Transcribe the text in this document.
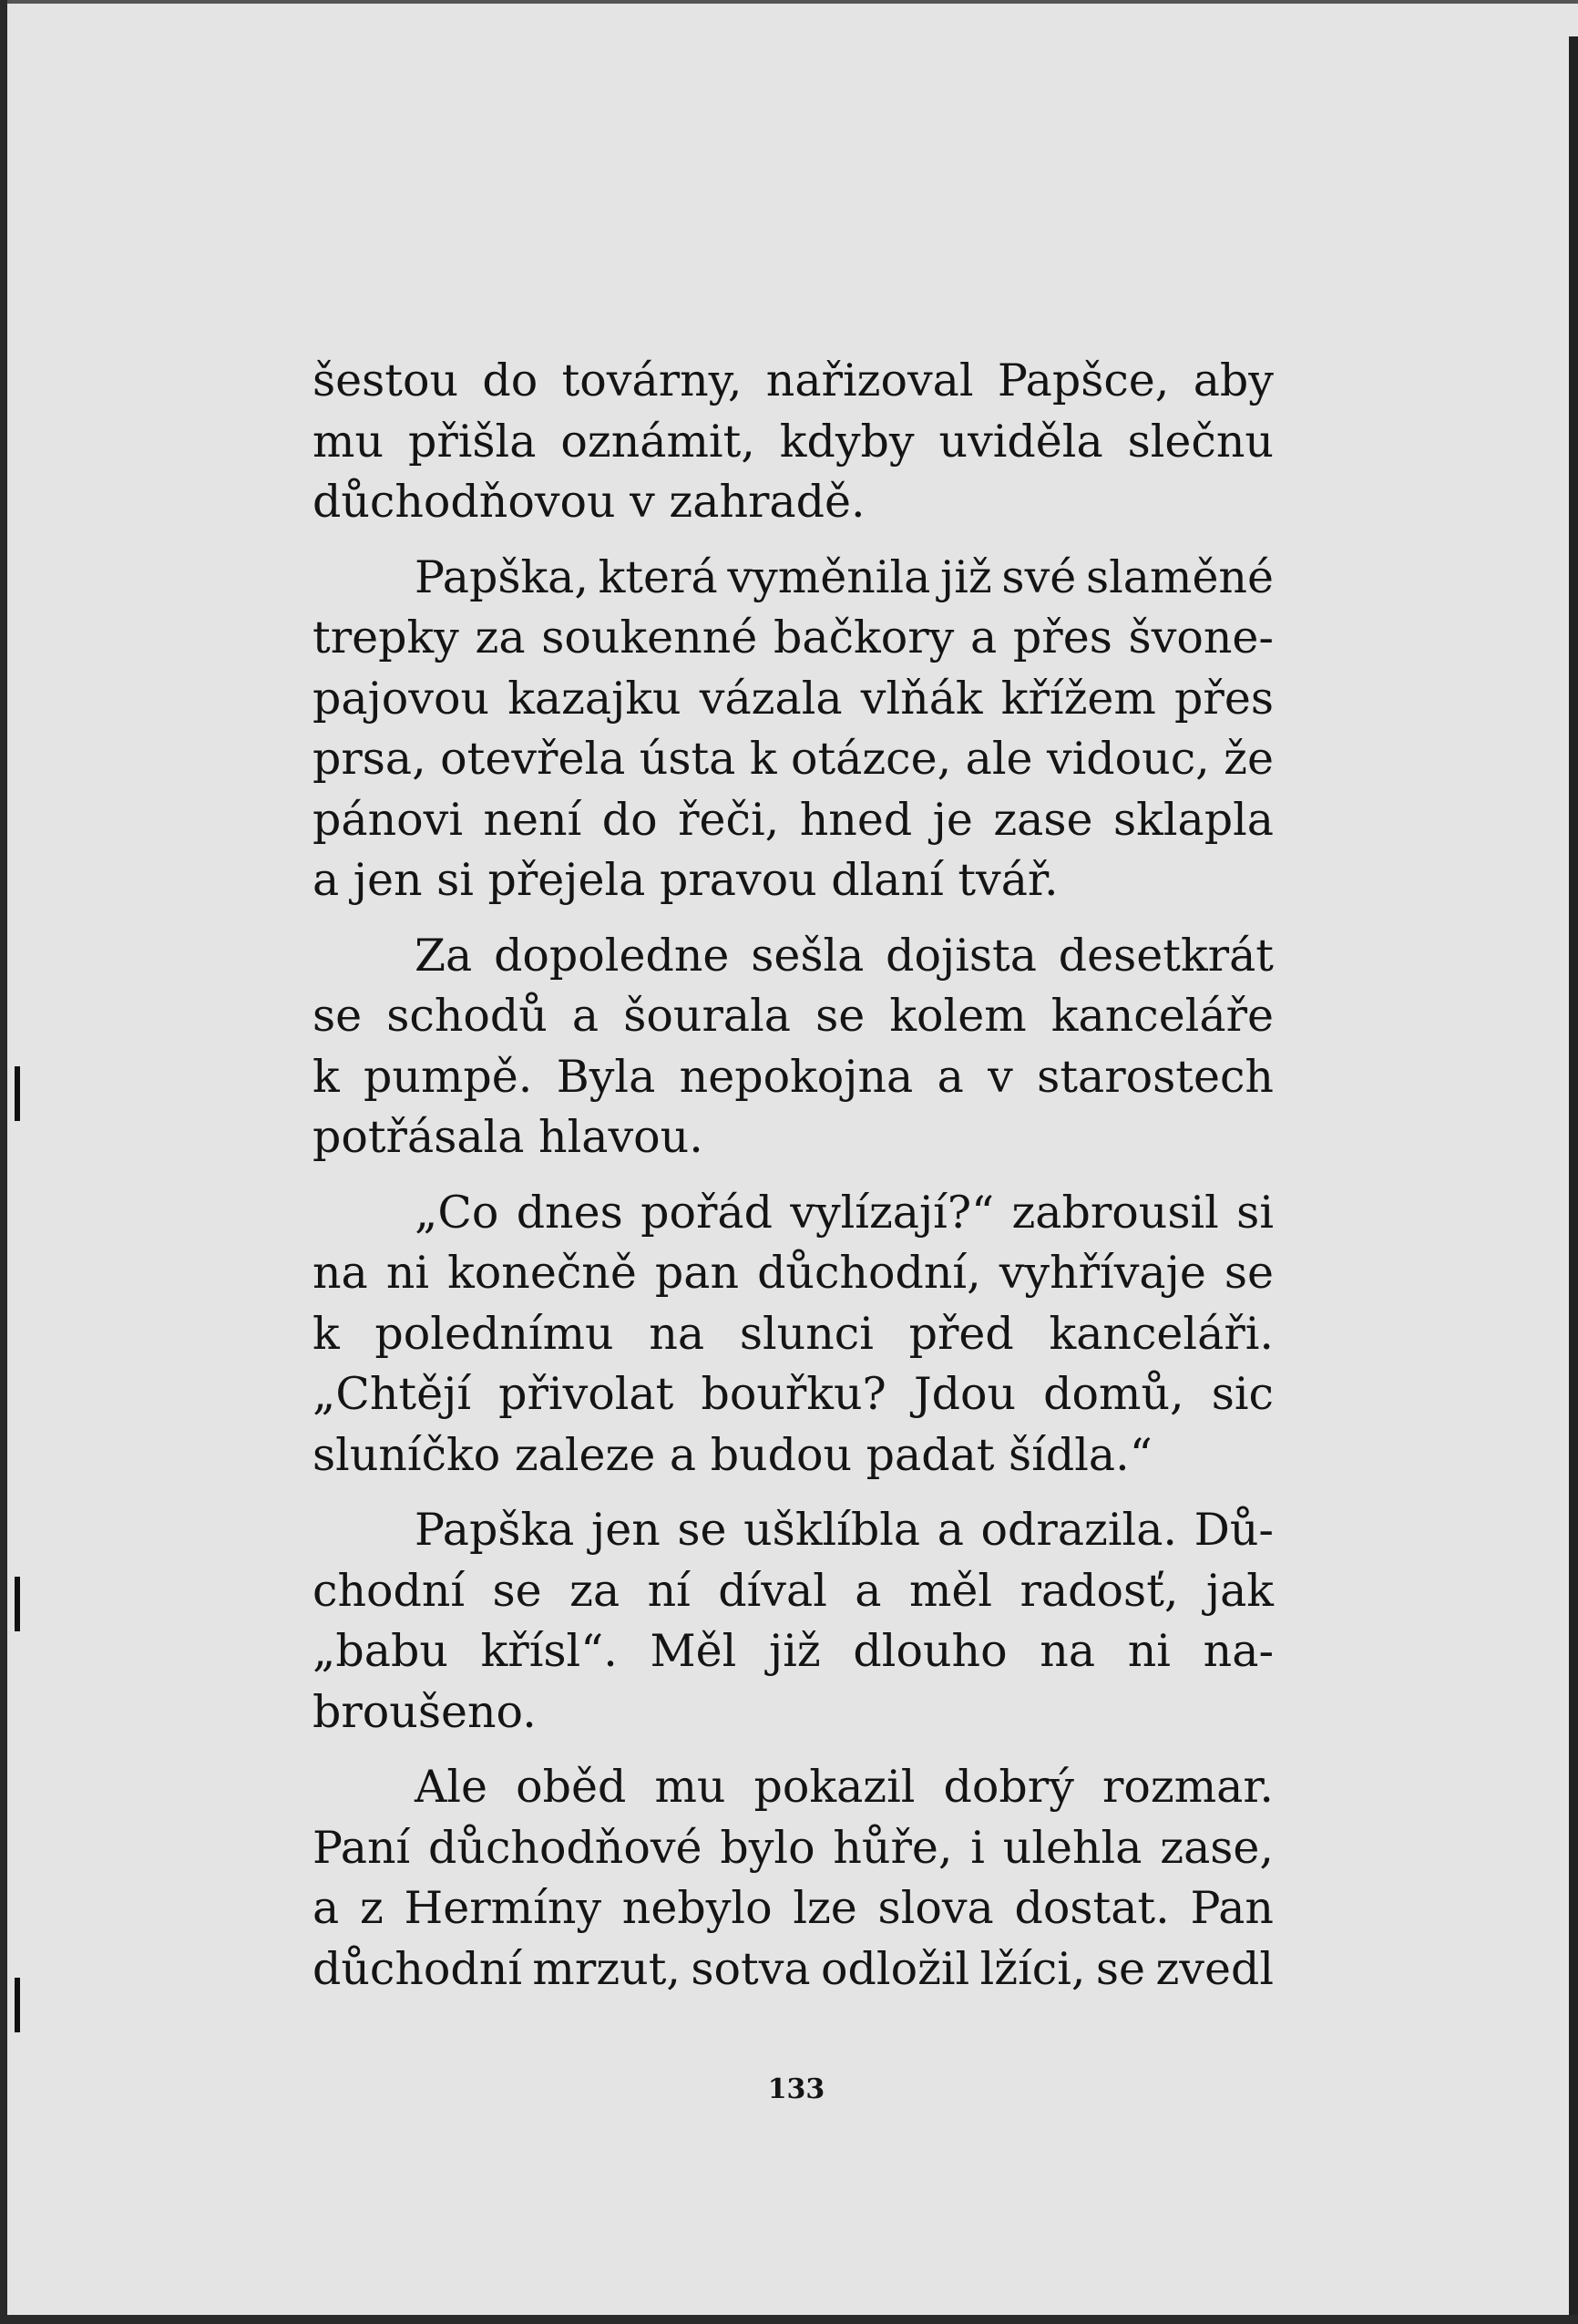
šestou do továrny, nařizoval Papšce, aby
mu přišla oznámit, kdyby uviděla slečnu
důchodňovou v zahradě.

Papška, která vyměnila již své slaměné
trepky za soukenné bačkory a přes švone-
pajovou kazajku vázala vlňák křížem přes
prsa, otevřela ústa k otázce, ale vidouc, že
pánovi není do řeči, hned je zase sklapla
a jen si přejela pravou dlaní tvář.

Za dopoledne sešla dojista desetkrát
se schodů a šourala se kolem kanceláře
k pumpě. Byla nepokojna a v starostech
potřásala hlavou.

„Co dnes pořád vylízají?“ zabrousil si
na ni konečně pan důchodní, vyhřívaje se
k polednímu na slunci před kanceláři.
„Chtějí přivolat bouřku? Jdou domů, sic
sluníčko zaleze a budou padat šídla.“

Papška jen se ušklíbla a odrazila. Dů-
chodní se za ní díval a měl radosť, jak
„babu křísl“. Měl již dlouho na ni na-
broušeno.

Ale oběd mu pokazil dobrý rozmar.
Paní důchodňové bylo hůře, i ulehla zase,
a z Hermíny nebylo lze slova dostat. Pan
důchodní mrzut, sotva odložil lžíci, se zvedl

133
